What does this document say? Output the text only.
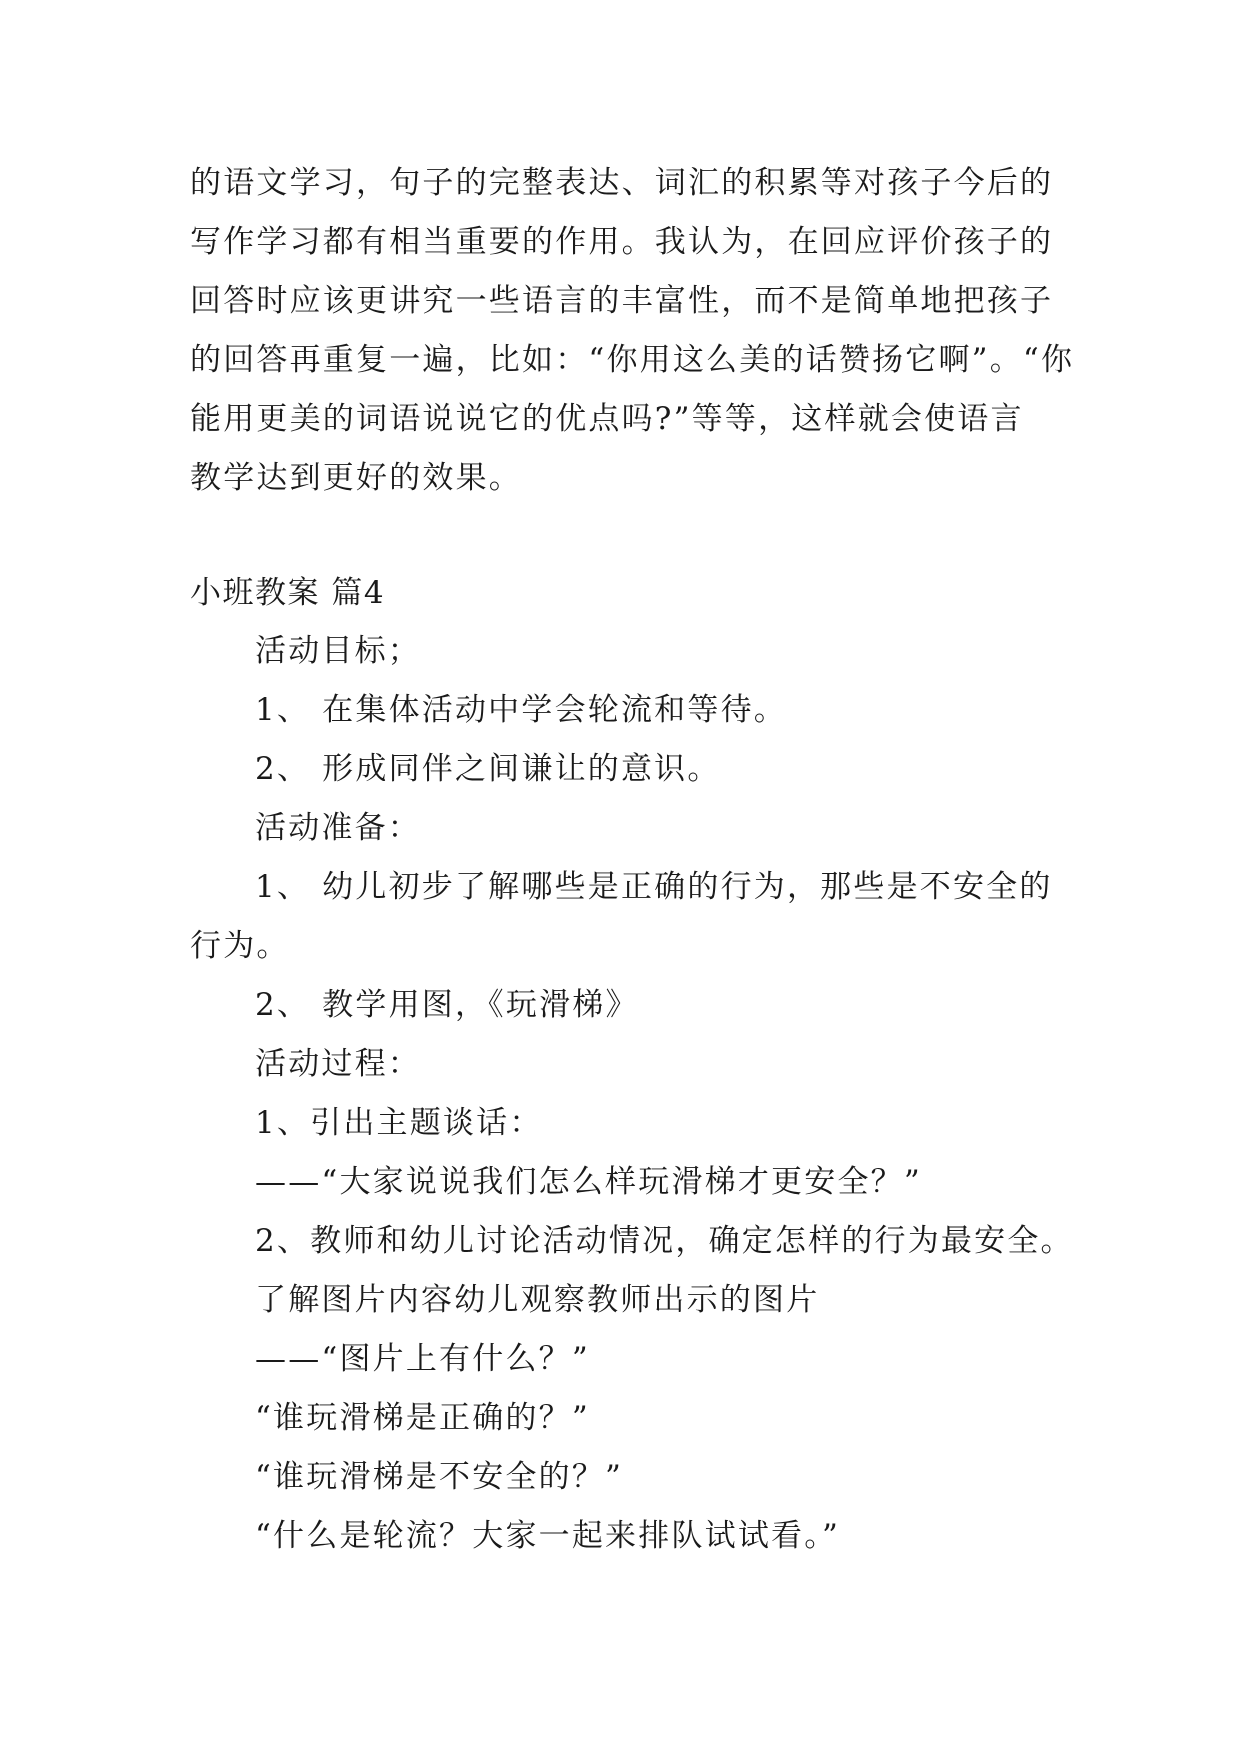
的语文学习，句子的完整表达、词汇的积累等对孩子今后的
写作学习都有相当重要的作用。我认为，在回应评价孩子的
回答时应该更讲究一些语言的丰富性，而不是简单地把孩子
的回答再重复一遍，比如：“你用这么美的话赞扬它啊”。“你
能用更美的词语说说它的优点吗?”等等，这样就会使语言
教学达到更好的效果。
小班教案 篇4
活动目标；
1、 在集体活动中学会轮流和等待。
2、 形成同伴之间谦让的意识。
活动准备：
1、 幼儿初步了解哪些是正确的行为，那些是不安全的
行为。
2、 教学用图，《玩滑梯》
活动过程：
1、引出主题谈话：
——“大家说说我们怎么样玩滑梯才更安全？”
2、教师和幼儿讨论活动情况，确定怎样的行为最安全。
了解图片内容幼儿观察教师出示的图片
——“图片上有什么？”
“谁玩滑梯是正确的？”
“谁玩滑梯是不安全的？”
“什么是轮流？大家一起来排队试试看。”
